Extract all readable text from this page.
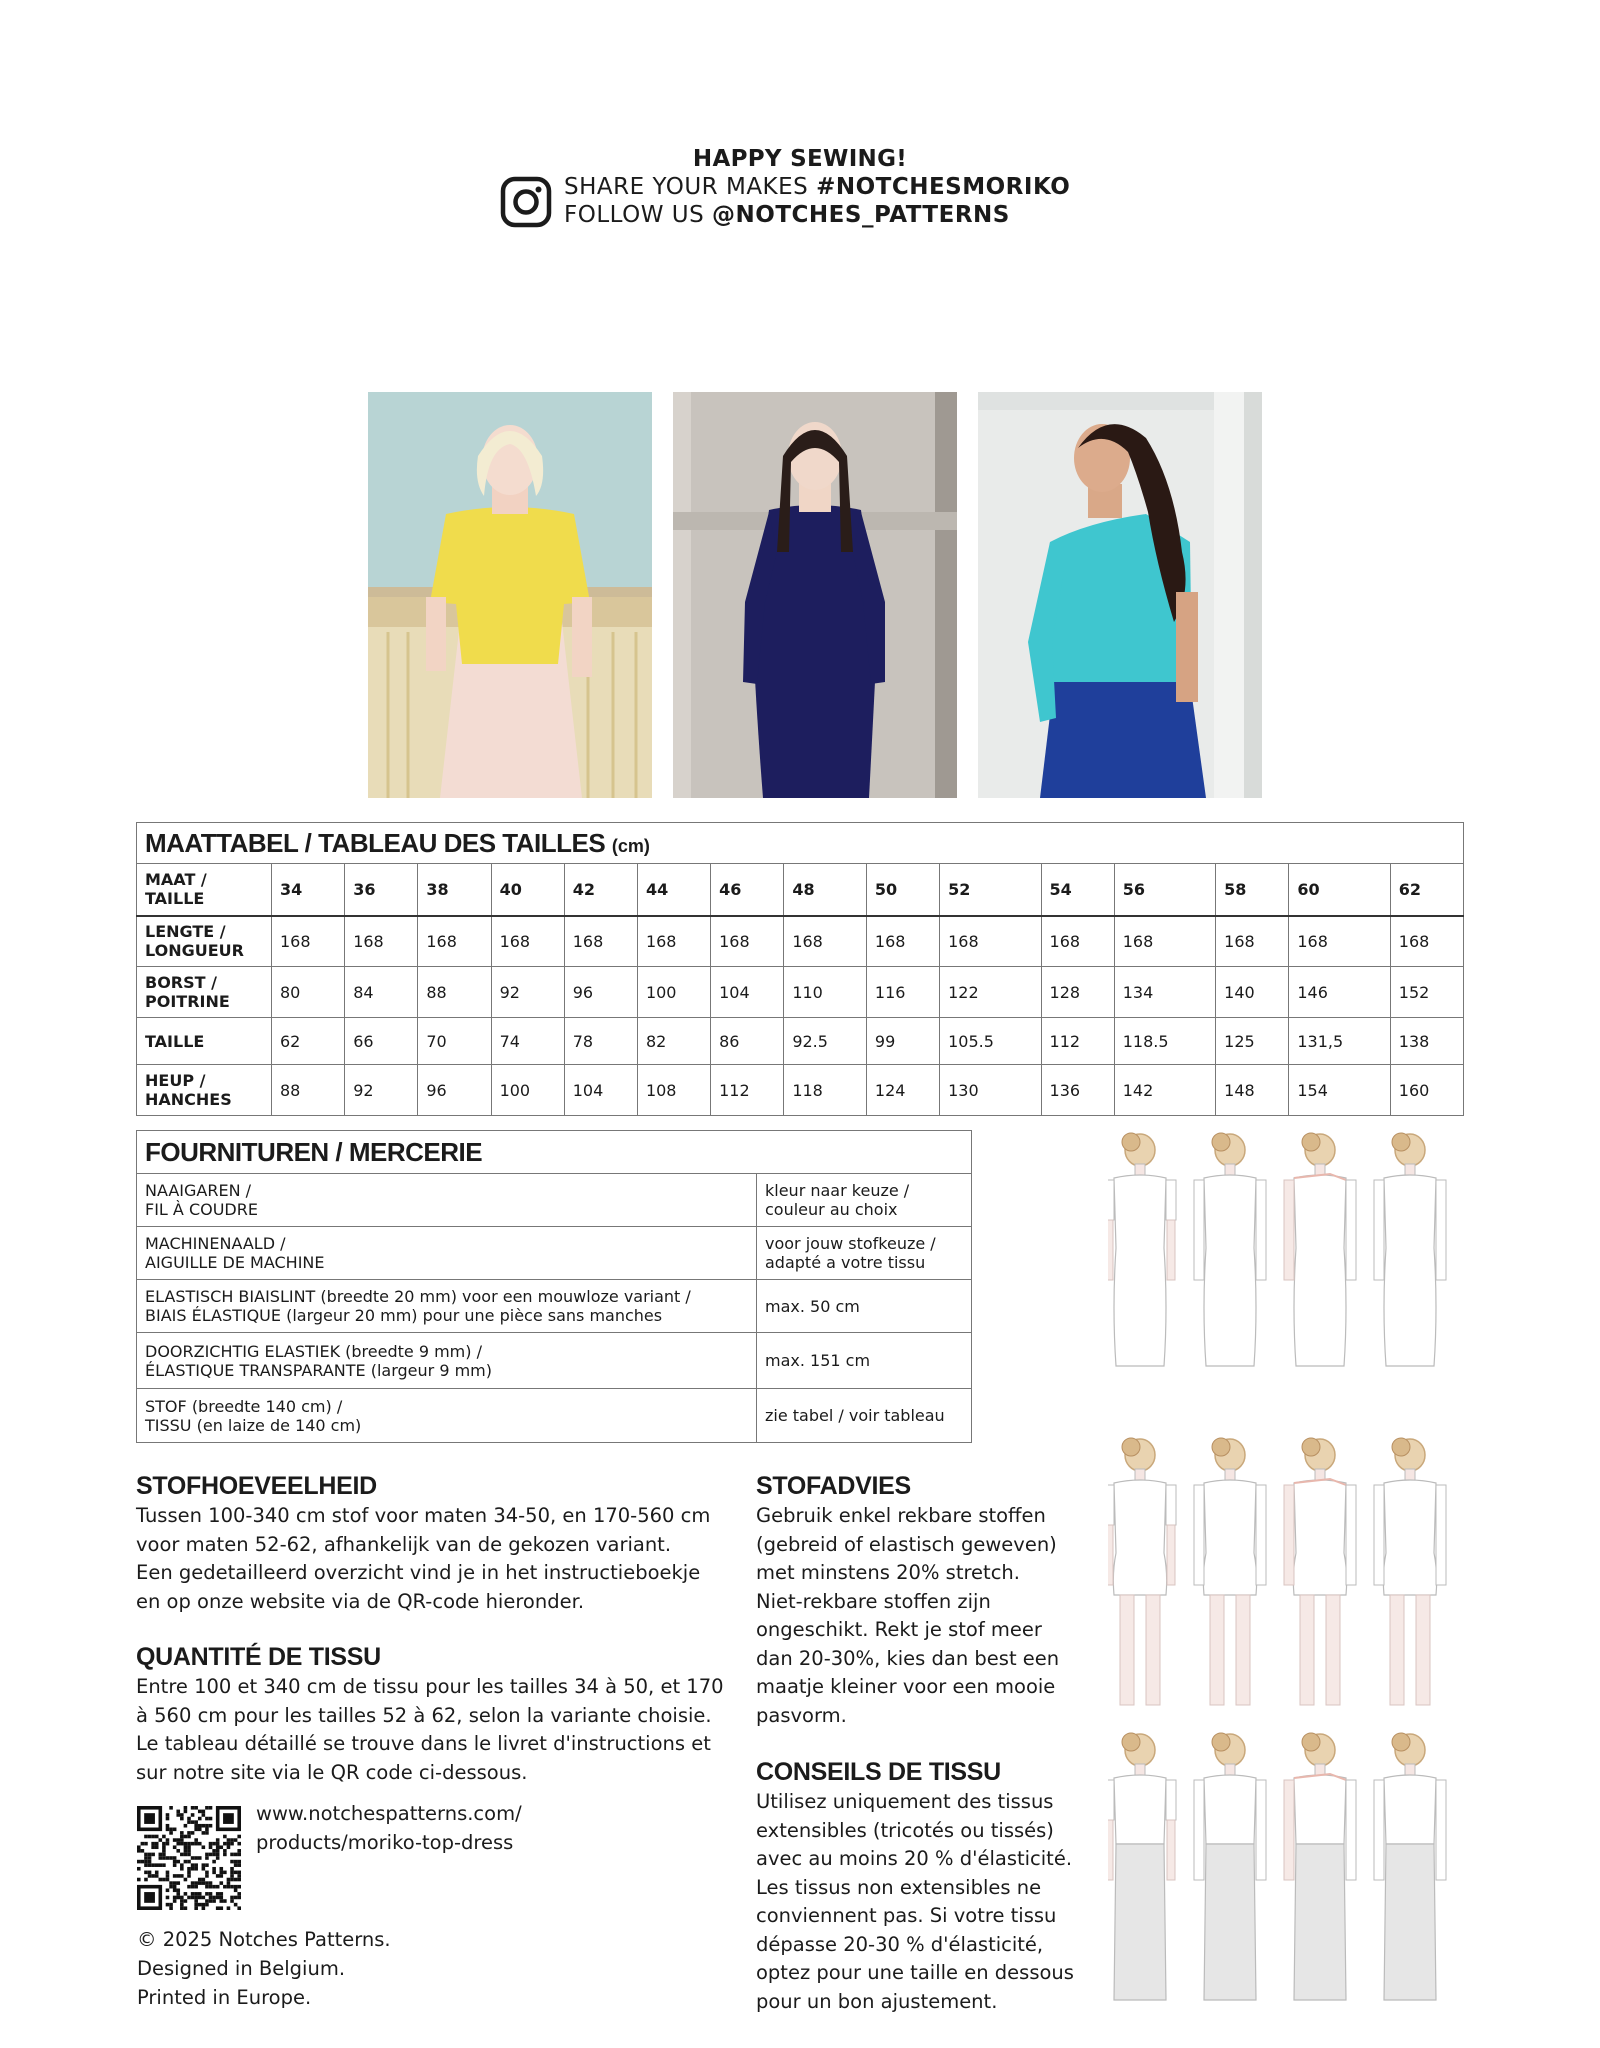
HAPPY SEWING!
SHARE YOUR MAKES #NOTCHESMORIKO
FOLLOW US @NOTCHES_PATTERNS
MAATTABEL / TABLEAU DES TAILLES (cm)															
MAAT /
TAILLE	34	36	38	40	42	44	46	48	50	52	54	56	58	60	62
LENGTE /
LONGUEUR	168	168	168	168	168	168	168	168	168	168	168	168	168	168	168
BORST /
POITRINE	80	84	88	92	96	100	104	110	116	122	128	134	140	146	152
TAILLE	62	66	70	74	78	82	86	92.5	99	105.5	112	118.5	125	131,5	138
HEUP /
HANCHES	88	92	96	100	104	108	112	118	124	130	136	142	148	154	160
FOURNITUREN / MERCERIE	
NAAIGAREN /
FIL À COUDRE	kleur naar keuze /
couleur au choix
MACHINENAALD /
AIGUILLE DE MACHINE	voor jouw stofkeuze /
adapté a votre tissu
ELASTISCH BIAISLINT (breedte 20 mm) voor een mouwloze variant /
BIAIS ÉLASTIQUE (largeur 20 mm) pour une pièce sans manches	max. 50 cm
DOORZICHTIG ELASTIEK (breedte 9 mm) /
ÉLASTIQUE TRANSPARANTE (largeur 9 mm)	max. 151 cm
STOF (breedte 140 cm) /
TISSU (en laize de 140 cm)	zie tabel / voir tableau
STOFHOEVEELHEID
Tussen 100-340 cm stof voor maten 34-50, en 170-560 cm
voor maten 52-62, afhankelijk van de gekozen variant.
Een gedetailleerd overzicht vind je in het instructieboekje
en op onze website via de QR-code hieronder.
QUANTITÉ DE TISSU
Entre 100 et 340 cm de tissu pour les tailles 34 à 50, et 170
à 560 cm pour les tailles 52 à 62, selon la variante choisie.
Le tableau détaillé se trouve dans le livret d'instructions et
sur notre site via le QR code ci-dessous.
STOFADVIES
Gebruik enkel rekbare stoffen
(gebreid of elastisch geweven)
met minstens 20% stretch.
Niet-rekbare stoffen zijn
ongeschikt. Rekt je stof meer
dan 20-30%, kies dan best een
maatje kleiner voor een mooie
pasvorm.
CONSEILS DE TISSU
Utilisez uniquement des tissus
extensibles (tricotés ou tissés)
avec au moins 20 % d'élasticité.
Les tissus non extensibles ne
conviennent pas. Si votre tissu
dépasse 20-30 % d'élasticité,
optez pour une taille en dessous
pour un bon ajustement.
www.notchespatterns.com/
products/moriko-top-dress
© 2025 Notches Patterns.
Designed in Belgium.
Printed in Europe.
